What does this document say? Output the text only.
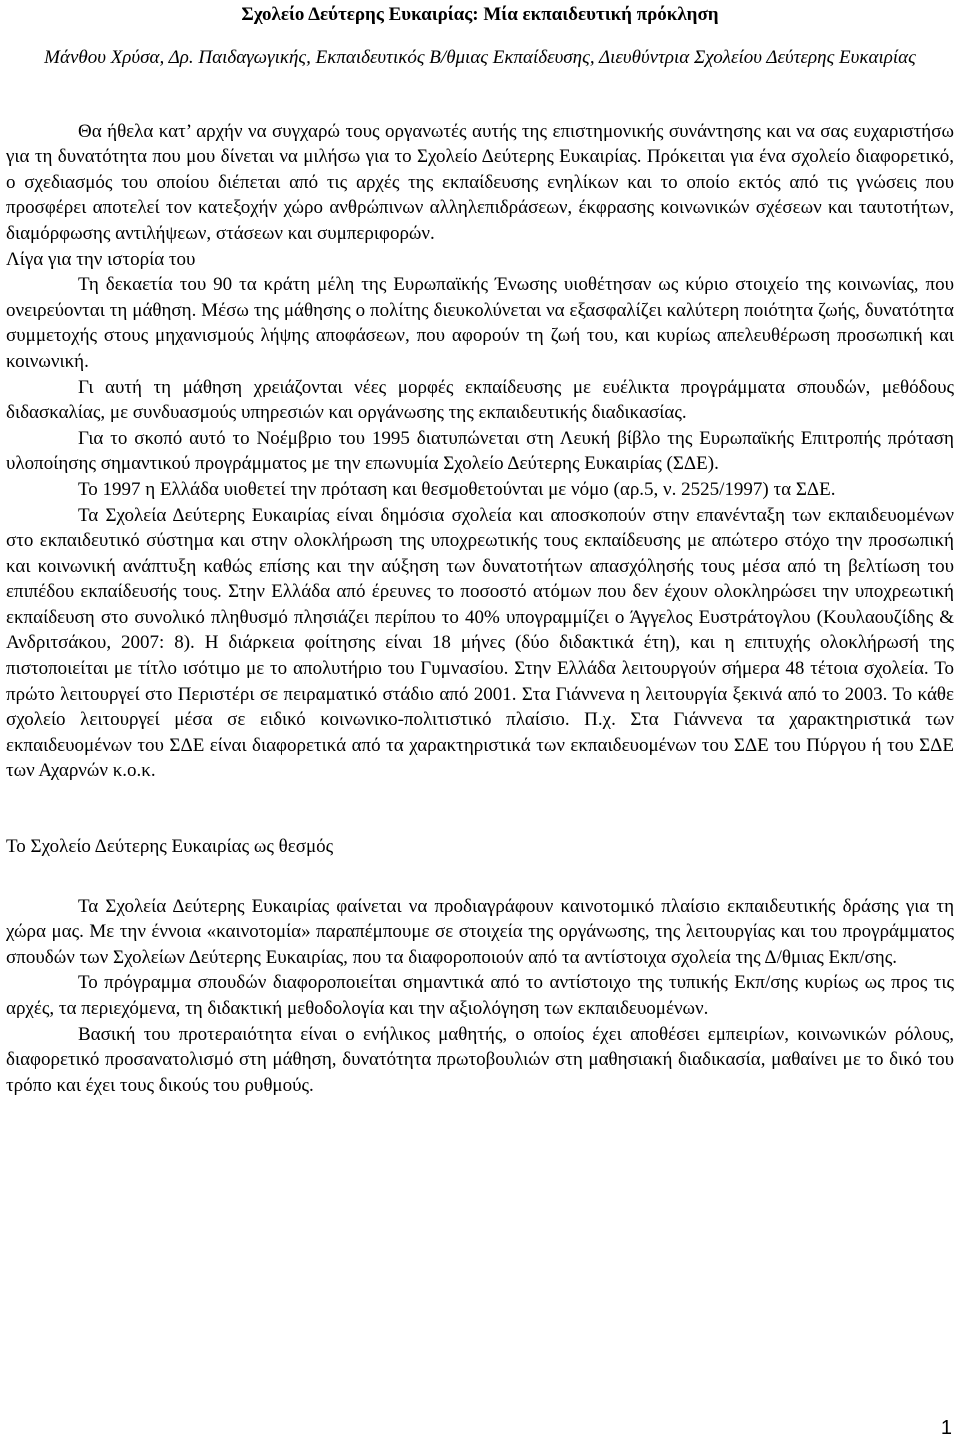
Σχολείο Δεύτερης Ευκαιρίας: Μία εκπαιδευτική πρόκληση
Μάνθου Χρύσα, Δρ. Παιδαγωγικής, Εκπαιδευτικός Β/θμιας Εκπαίδευσης, Διευθύντρια Σχολείου Δεύτερης Ευκαιρίας

Θα ήθελα κατ’ αρχήν να συγχαρώ τους οργανωτές αυτής της επιστημονικής συνάντησης και να σας ευχαριστήσω για τη δυνατότητα που μου δίνεται να μιλήσω για το Σχολείο Δεύτερης Ευκαιρίας. Πρόκειται για ένα σχολείο διαφορετικό, ο σχεδιασμός του οποίου διέπεται από τις αρχές της εκπαίδευσης ενηλίκων και το οποίο εκτός από τις γνώσεις που προσφέρει αποτελεί τον κατεξοχήν χώρο ανθρώπινων αλληλεπιδράσεων, έκφρασης κοινωνικών σχέσεων και ταυτοτήτων, διαμόρφωσης αντιλήψεων, στάσεων και συμπεριφορών.

Λίγα για την ιστορία του

Τη δεκαετία του 90 τα κράτη μέλη της Ευρωπαϊκής Ένωσης υιοθέτησαν ως κύριο στοιχείο της κοινωνίας, που ονειρεύονται τη μάθηση. Μέσω της μάθησης ο πολίτης διευκολύνεται να εξασφαλίζει καλύτερη ποιότητα ζωής, δυνατότητα συμμετοχής στους μηχανισμούς λήψης αποφάσεων, που αφορούν τη ζωή του, και κυρίως απελευθέρωση προσωπική και κοινωνική.

Γι αυτή τη μάθηση χρειάζονται νέες μορφές εκπαίδευσης με ευέλικτα προγράμματα σπουδών, μεθόδους διδασκαλίας, με συνδυασμούς υπηρεσιών και οργάνωσης της εκπαιδευτικής διαδικασίας.

Για το σκοπό αυτό το Νοέμβριο του 1995 διατυπώνεται στη Λευκή βίβλο της Ευρωπαϊκής Επιτροπής πρόταση υλοποίησης σημαντικού προγράμματος με την επωνυμία Σχολείο Δεύτερης Ευκαιρίας (ΣΔΕ).

Το 1997 η Ελλάδα υιοθετεί την πρόταση και θεσμοθετούνται με νόμο (αρ.5, ν. 2525/1997) τα ΣΔΕ.

Τα Σχολεία Δεύτερης Ευκαιρίας είναι δημόσια σχολεία και αποσκοπούν στην επανένταξη των εκπαιδευομένων στο εκπαιδευτικό σύστημα και στην ολοκλήρωση της υποχρεωτικής τους εκπαίδευσης με απώτερο στόχο την προσωπική και κοινωνική ανάπτυξη καθώς επίσης και την αύξηση των δυνατοτήτων απασχόλησής τους μέσα από τη βελτίωση του επιπέδου εκπαίδευσής τους. Στην Ελλάδα από έρευνες το ποσοστό ατόμων που δεν έχουν ολοκληρώσει την υποχρεωτική εκπαίδευση στο συνολικό πληθυσμό πλησιάζει περίπου το 40% υπογραμμίζει ο Άγγελος Ευστράτογλου (Κουλαουζίδης & Ανδριτσάκου, 2007: 8). Η διάρκεια φοίτησης είναι 18 μήνες (δύο διδακτικά έτη), και η επιτυχής ολοκλήρωσή της πιστοποιείται με τίτλο ισότιμο με το απολυτήριο του Γυμνασίου. Στην Ελλάδα λειτουργούν σήμερα 48 τέτοια σχολεία. Το πρώτο λειτουργεί στο Περιστέρι σε πειραματικό στάδιο από 2001. Στα Γιάννενα η λειτουργία ξεκινά από το 2003. Το κάθε σχολείο λειτουργεί μέσα σε ειδικό κοινωνικο-πολιτιστικό πλαίσιο. Π.χ. Στα Γιάννενα τα χαρακτηριστικά των εκπαιδευομένων του ΣΔΕ είναι διαφορετικά από τα χαρακτηριστικά των εκπαιδευομένων του ΣΔΕ του Πύργου ή του ΣΔΕ των Αχαρνών κ.ο.κ.

Το Σχολείο Δεύτερης Ευκαιρίας ως θεσμός

Τα Σχολεία Δεύτερης Ευκαιρίας φαίνεται να προδιαγράφουν καινοτομικό πλαίσιο εκπαιδευτικής δράσης για τη χώρα μας. Με την έννοια «καινοτομία» παραπέμπουμε σε στοιχεία της οργάνωσης, της λειτουργίας και του προγράμματος σπουδών των Σχολείων Δεύτερης Ευκαιρίας, που τα διαφοροποιούν από τα αντίστοιχα σχολεία της Δ/θμιας Εκπ/σης.

Το πρόγραμμα σπουδών διαφοροποιείται σημαντικά από το αντίστοιχο της τυπικής Εκπ/σης κυρίως ως προς τις αρχές, τα περιεχόμενα, τη διδακτική μεθοδολογία και την αξιολόγηση των εκπαιδευομένων.

Βασική του προτεραιότητα είναι ο ενήλικος μαθητής, ο οποίος έχει αποθέσει εμπειρίων, κοινωνικών ρόλους, διαφορετικό προσανατολισμό στη μάθηση, δυνατότητα πρωτοβουλιών στη μαθησιακή διαδικασία, μαθαίνει με το δικό του τρόπο και έχει τους δικούς του ρυθμούς.

1
